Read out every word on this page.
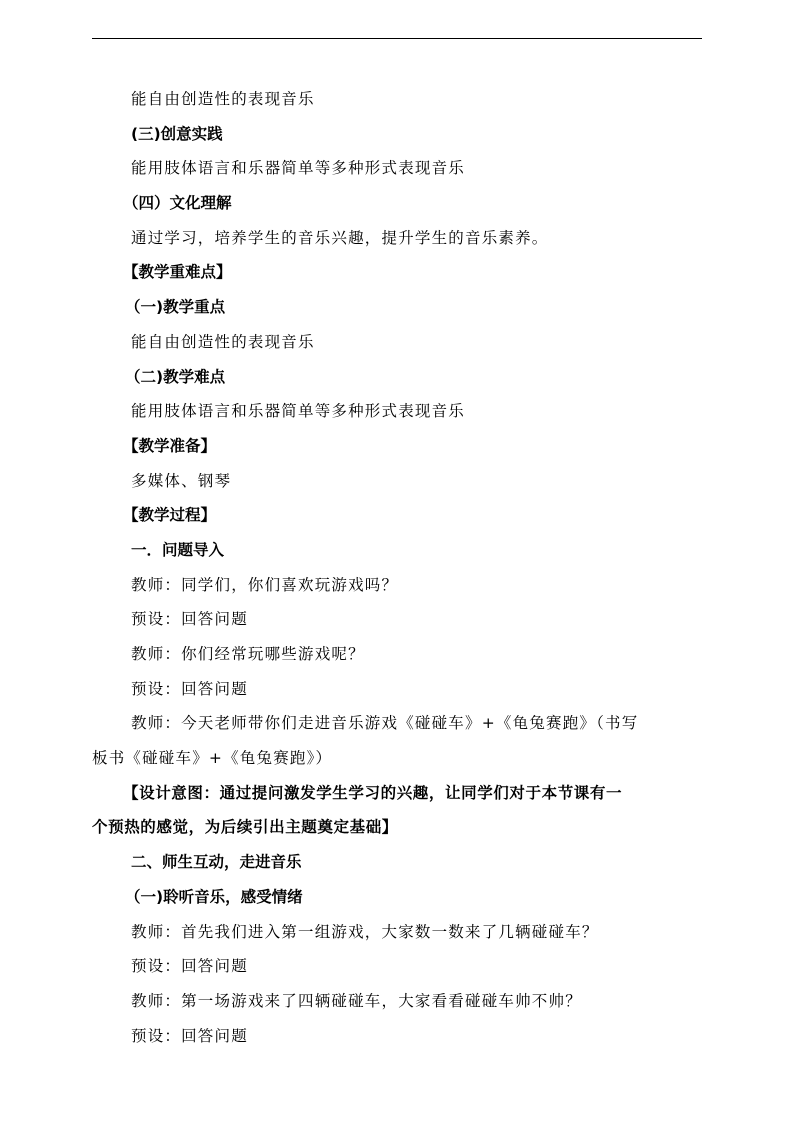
能自由创造性的表现音乐
(三)创意实践
能用肢体语言和乐器简单等多种形式表现音乐
（四）文化理解
通过学习，培养学生的音乐兴趣，提升学生的音乐素养。
【教学重难点】
（一)教学重点
能自由创造性的表现音乐
（二)教学难点
能用肢体语言和乐器简单等多种形式表现音乐
【教学准备】
多媒体、钢琴
【教学过程】
一．问题导入
教师：同学们，你们喜欢玩游戏吗？
预设：回答问题
教师：你们经常玩哪些游戏呢？
预设：回答问题
教师：今天老师带你们走进音乐游戏《碰碰车》+《龟兔赛跑》（书写
板书《碰碰车》+《龟兔赛跑》）
【设计意图：通过提问激发学生学习的兴趣，让同学们对于本节课有一
个预热的感觉，为后续引出主题奠定基础】
二、师生互动，走进音乐
（一)聆听音乐，感受情绪
教师：首先我们进入第一组游戏，大家数一数来了几辆碰碰车？
预设：回答问题
教师：第一场游戏来了四辆碰碰车，大家看看碰碰车帅不帅？
预设：回答问题
